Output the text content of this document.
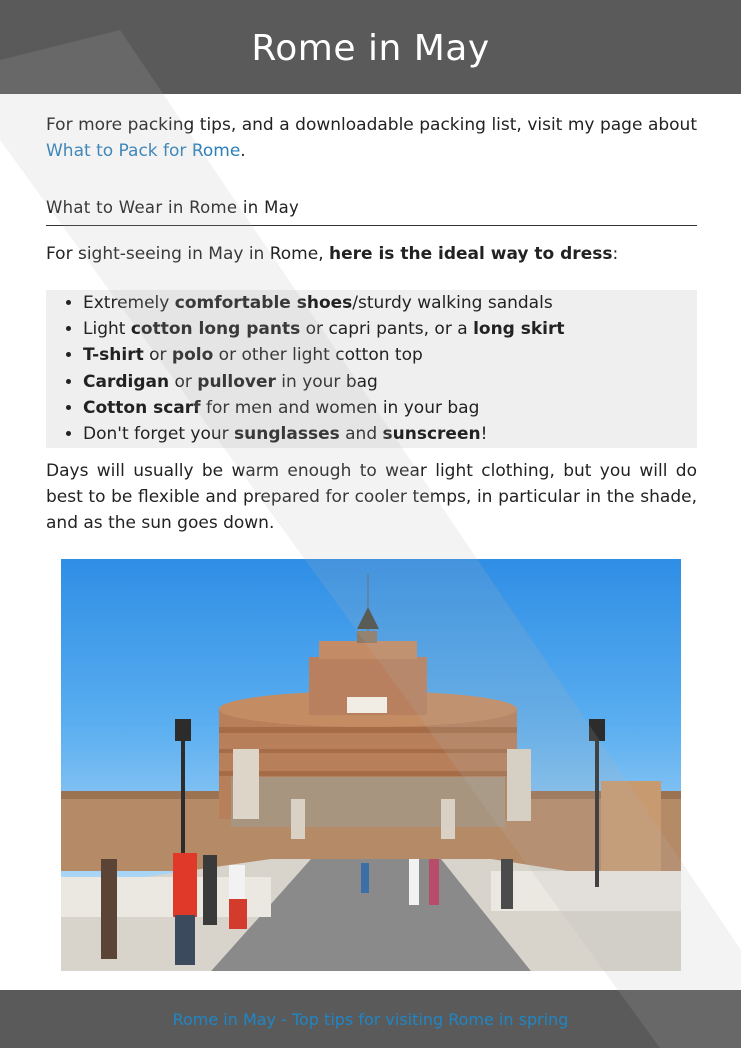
Rome in May

For more packing tips, and a downloadable packing list, visit my page about What to Pack for Rome.

What to Wear in Rome in May

For sight-seeing in May in Rome, here is the ideal way to dress:

• Extremely comfortable shoes/sturdy walking sandals
• Light cotton long pants or capri pants, or a long skirt
• T-shirt or polo or other light cotton top
• Cardigan or pullover in your bag
• Cotton scarf for men and women in your bag
• Don't forget your sunglasses and sunscreen!

Days will usually be warm enough to wear light clothing, but you will do best to be flexible and prepared for cooler temps, in particular in the shade, and as the sun goes down.

Rome in May - Top tips for visiting Rome in spring
